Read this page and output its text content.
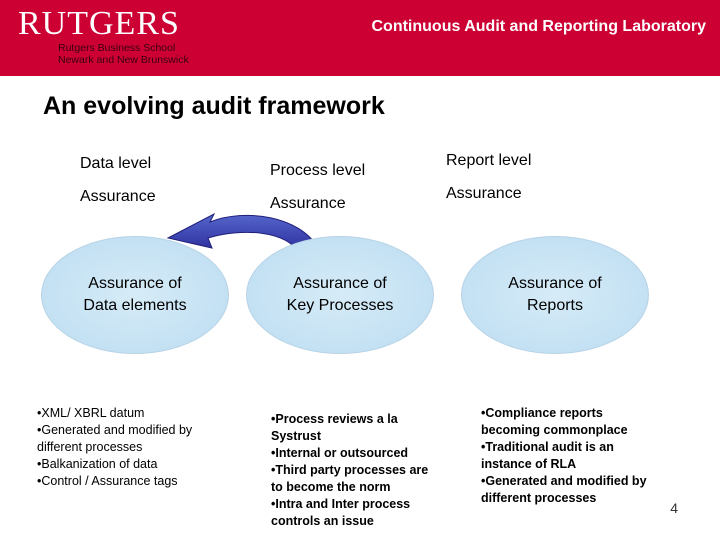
RUTGERS
Rutgers Business School
Newark and New Brunswick
Continuous Audit and Reporting Laboratory
An evolving audit framework
Data level	Process level
Report level
Assurance	Assurance
Assurance
Assurance of
Data elements
Assurance of
Key Processes
Assurance of
Reports
•XML/ XBRL datum
•Generated and modified by different processes
•Balkanization of data
•Control / Assurance tags
•Process reviews a la Systrust
•Internal or outsourced
•Third party processes are to become the norm
•Intra and Inter process controls an issue
•Compliance reports becoming commonplace
•Traditional audit is an instance of RLA
•Generated and modified by different processes
4
